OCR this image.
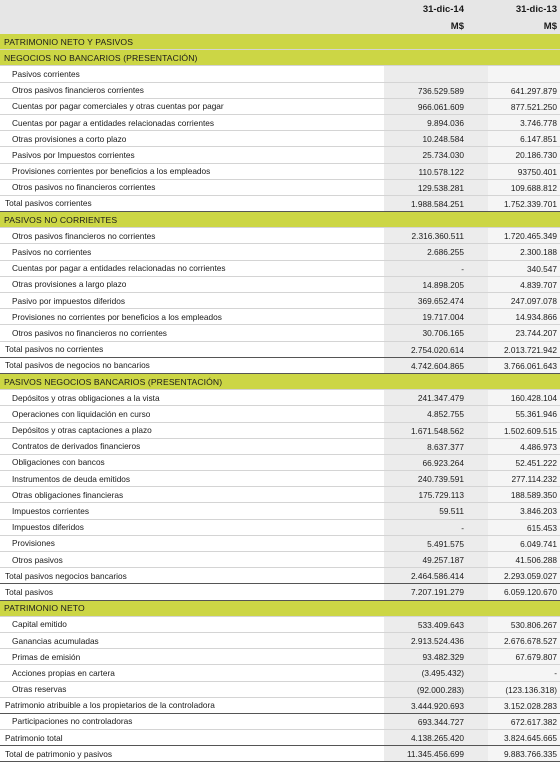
31-dic-14
M$
31-dic-13
M$
PATRIMONIO NETO Y PASIVOS
NEGOCIOS NO BANCARIOS (PRESENTACIÓN)
Pasivos corrientes
Otros pasivos financieros corrientes	736.529.589	641.297.879
Cuentas por pagar comerciales y otras cuentas por pagar	966.061.609	877.521.250
Cuentas por pagar a entidades relacionadas corrientes	9.894.036	3.746.778
Otras provisiones a corto plazo	10.248.584	6.147.851
Pasivos por Impuestos corrientes	25.734.030	20.186.730
Provisiones corrientes por beneficios a los empleados	110.578.122	93750.401
Otros pasivos no financieros corrientes	129.538.281	109.688.812
Total pasivos corrientes	1.988.584.251	1.752.339.701
PASIVOS NO CORRIENTES
Otros pasivos financieros no corrientes	2.316.360.511	1.720.465.349
Pasivos no corrientes	2.686.255	2.300.188
Cuentas por pagar a entidades relacionadas no corrientes	-	340.547
Otras provisiones a largo plazo	14.898.205	4.839.707
Pasivo por impuestos diferidos	369.652.474	247.097.078
Provisiones no corrientes por beneficios a los empleados	19.717.004	14.934.866
Otros pasivos no financieros no corrientes	30.706.165	23.744.207
Total pasivos no corrientes	2.754.020.614	2.013.721.942
Total pasivos de negocios no bancarios	4.742.604.865	3.766.061.643
PASIVOS NEGOCIOS BANCARIOS (PRESENTACIÓN)
Depósitos y otras obligaciones a la vista	241.347.479	160.428.104
Operaciones con liquidación en curso	4.852.755	55.361.946
Depósitos y otras captaciones a plazo	1.671.548.562	1.502.609.515
Contratos de derivados financieros	8.637.377	4.486.973
Obligaciones con bancos	66.923.264	52.451.222
Instrumentos de deuda emitidos	240.739.591	277.114.232
Otras obligaciones financieras	175.729.113	188.589.350
Impuestos corrientes	59.511	3.846.203
Impuestos diferidos	-	615.453
Provisiones	5.491.575	6.049.741
Otros pasivos	49.257.187	41.506.288
Total pasivos negocios bancarios	2.464.586.414	2.293.059.027
Total pasivos	7.207.191.279	6.059.120.670
PATRIMONIO NETO
Capital emitido	533.409.643	530.806.267
Ganancias acumuladas	2.913.524.436	2.676.678.527
Primas de emisión	93.482.329	67.679.807
Acciones propias en cartera	(3.495.432)	-
Otras reservas	(92.000.283)	(123.136.318)
Patrimonio atribuible a los propietarios de la controladora	3.444.920.693	3.152.028.283
Participaciones no controladoras	693.344.727	672.617.382
Patrimonio total	4.138.265.420	3.824.645.665
Total de patrimonio y pasivos	11.345.456.699	9.883.766.335
